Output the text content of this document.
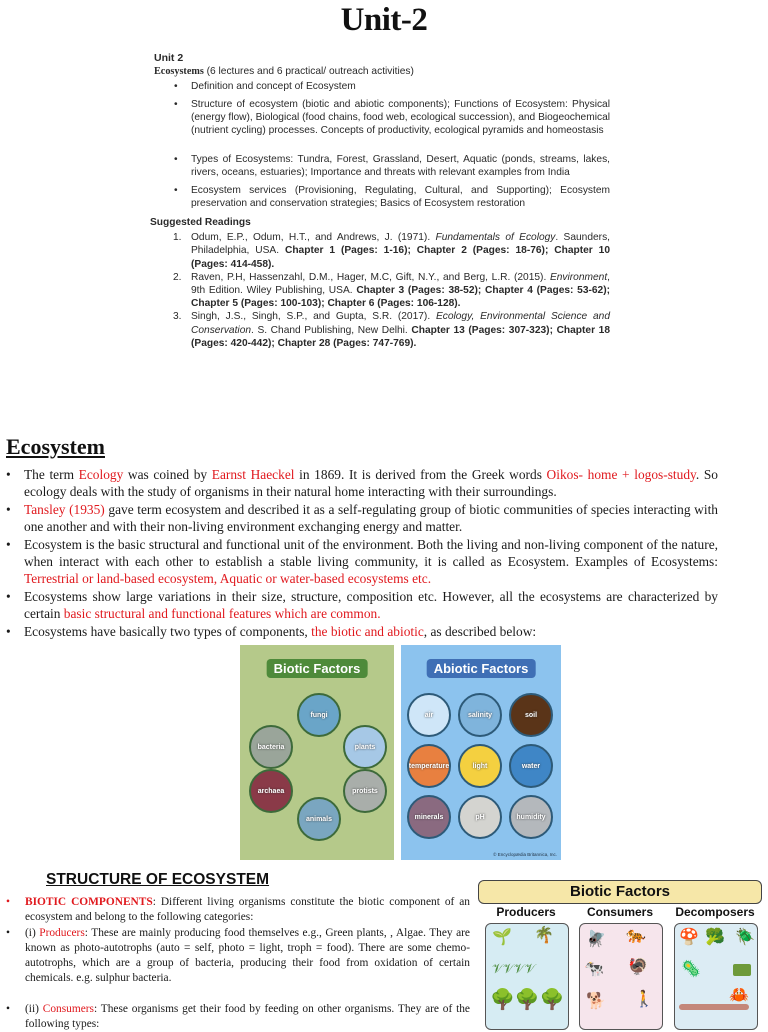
Unit-2
Unit 2
Ecosystems (6 lectures and 6 practical/ outreach activities)
• Definition and concept of Ecosystem
• Structure of ecosystem (biotic and abiotic components); Functions of Ecosystem: Physical (energy flow), Biological (food chains, food web, ecological succession), and Biogeochemical (nutrient cycling) processes. Concepts of productivity, ecological pyramids and homeostasis
• Types of Ecosystems: Tundra, Forest, Grassland, Desert, Aquatic (ponds, streams, lakes, rivers, oceans, estuaries); Importance and threats with relevant examples from India
• Ecosystem services (Provisioning, Regulating, Cultural, and Supporting); Ecosystem preservation and conservation strategies; Basics of Ecosystem restoration
Suggested Readings
1. Odum, E.P., Odum, H.T., and Andrews, J. (1971). Fundamentals of Ecology. Saunders, Philadelphia, USA. Chapter 1 (Pages: 1-16); Chapter 2 (Pages: 18-76); Chapter 10 (Pages: 414-458).
2. Raven, P.H, Hassenzahl, D.M., Hager, M.C, Gift, N.Y., and Berg, L.R. (2015). Environment, 9th Edition. Wiley Publishing, USA. Chapter 3 (Pages: 38-52); Chapter 4 (Pages: 53-62); Chapter 5 (Pages: 100-103); Chapter 6 (Pages: 106-128).
3. Singh, J.S., Singh, S.P., and Gupta, S.R. (2017). Ecology, Environmental Science and Conservation. S. Chand Publishing, New Delhi. Chapter 13 (Pages: 307-323); Chapter 18 (Pages: 420-442); Chapter 28 (Pages: 747-769).
Ecosystem
• The term Ecology was coined by Earnst Haeckel in 1869. It is derived from the Greek words Oikos- home + logos-study. So ecology deals with the study of organisms in their natural home interacting with their surroundings.
• Tansley (1935) gave term ecosystem and described it as a self-regulating group of biotic communities of species interacting with one another and with their non-living environment exchanging energy and matter.
• Ecosystem is the basic structural and functional unit of the environment. Both the living and non-living component of the nature, when interact with each other to establish a stable living community, it is called as Ecosystem. Examples of Ecosystems: Terrestrial or land-based ecosystem, Aquatic or water-based ecosystems etc.
• Ecosystems show large variations in their size, structure, composition etc. However, all the ecosystems are characterized by certain basic structural and functional features which are common.
• Ecosystems have basically two types of components, the biotic and abiotic, as described below:
Biotic Factors
fungi
bacteria	plants
archaea	protists
animals
Abiotic Factors
© Encyclopædia Britannica, Inc.
air	salinity	soil
temperature	light	water
minerals	pH	humidity
STRUCTURE OF ECOSYSTEM
• BIOTIC COMPONENTS: Different living organisms constitute the biotic component of an ecosystem and belong to the following categories:
• (i) Producers: These are mainly producing food themselves e.g., Green plants, , Algae. They are known as photo-autotrophs (auto = self, photo = light, troph = food). There are some chemo-autotrophs, which are a group of bacteria, producing their food from oxidation of certain chemicals. e.g. sulphur bacteria.
• (ii) Consumers: These organisms get their food by feeding on other organisms. They are of the following types:
Biotic Factors
Producers	Consumers	Decomposers
🌱 🌴
𝒱𝒱𝒱𝒱
🌳🌳🌳
🪰 🐅
🐄 🦃
🐕 🚶
🍄 🥦 🪲
🦠
🦀
